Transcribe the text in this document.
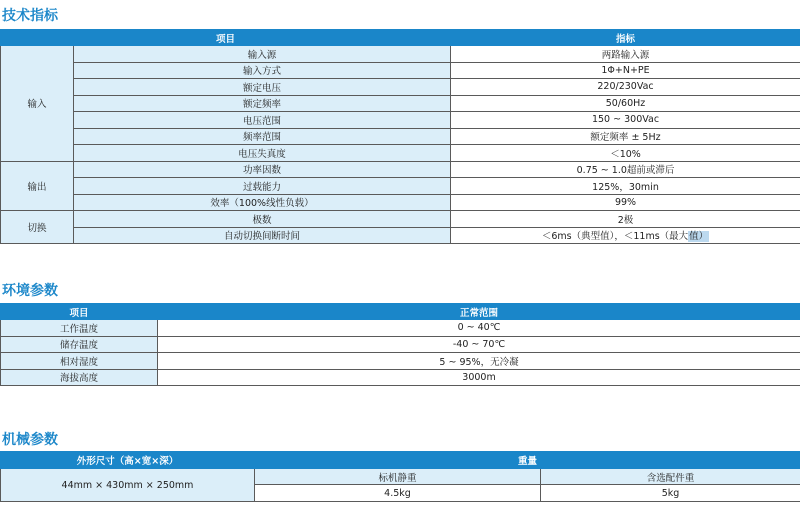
技术指标
项目		指标
输入	输入源	两路输入源
	输入方式	1Φ+N+PE
	额定电压	220/230Vac
	额定频率	50/60Hz
	电压范围	150 ~ 300Vac
	频率范围	额定频率 ± 5Hz
	电压失真度	＜10%
输出	功率因数	0.75 ~ 1.0超前或滞后
	过载能力	125%，30min
	效率（100%线性负载）	99%
切换	极数	2极
	自动切换间断时间	＜6ms（典型值），＜11ms（最大值）
环境参数
项目	正常范围
工作温度	0 ~ 40℃
储存温度	-40 ~ 70℃
相对湿度	5 ~ 95%，无冷凝
海拔高度	3000m
机械参数
外形尺寸（高×宽×深）	重量	
44mm × 430mm × 250mm	标机静重	含选配件重
	4.5kg	5kg
